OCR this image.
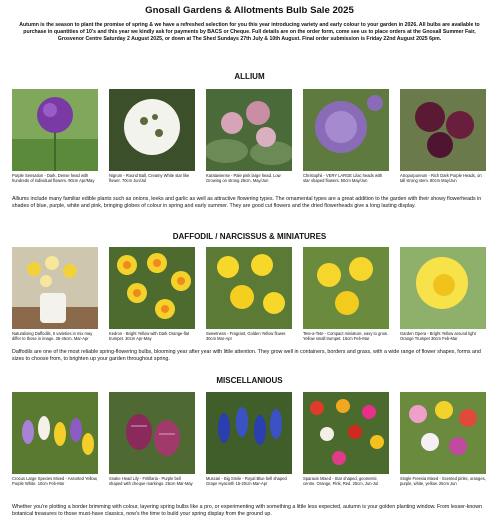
Gnosall Gardens & Allotments Bulb Sale 2025
Autumn is the season to plant the promise of spring & we have a refreshed selection for you this year introducing variety and early colour to your garden in 2026. All bulbs are available to purchase in quantities of 10's and this year we kindly ask for payments by BACS or Cheque. Full details are on the order form, come see us to place orders at the Gnosall Summer Fair, Grosvenor Centre Saturday 2 August 2025, or down at The Shed Sundays 27th July & 10th August. Final order submission is Friday 22nd August 2025 6pm.
ALLIUM
Purple Sensation - Dark, Dense head with hundreds of individual flowers. 90cm Apr/May
Nigrum - Round Ball, Creamy White star like flower. 70cm Jun/Jul
Karataviense - Pale pink large head. Low Growing on strong 25cm. May/Jun
Christophii - VERY LARGE Lilac heads with star shaped flowers. 50cm May/Jun
Atropurpureum - Rich Dark Purple Heads, on tall strong stem. 80cm May/Jun
Alliums include many familiar edible plants such as onions, leeks and garlic as well as attractive flowering types. The ornamental types are a great addition to the garden with their showy flowerheads in shades of blue, purple, white and pink, bringing globes of colour in spring and early summer. They are good cut flowers and the dried flowerheads give a long lasting display.
DAFFODIL / NARCISSUS & MINIATURES
Naturalising Daffodils, 5 varieties in mix may differ to those in image. 35-45cm, Mar-Apr
Kedron - Bright Yellow with Dark Orange-flat trumpet. 30cm Apr-May
Sweetness - Fragrant, Golden Yellow flower. 30cm Mar-Apr
Tete-a-Tete - Compact miniature, easy to grow. Yellow small trumpet. 15cm Feb-Mar
Garden Opera - Bright Yellow around light Orange Trumpet 30cm Feb-Mar
Daffodils are one of the most reliable spring-flowering bulbs, blooming year after year with little attention. They grow well in containers, borders and grass, with a wide range of flower shapes, forms and sizes to choose from, to brighten up your garden throughout spring.
MISCELLANIOUS
Crocus Large Species Mixed - Assorted Yellow, Purple White. 10cm Feb-Mar
Snake Head Lily - Fritillaria - Purple bell shaped with cheque markings. 25cm Mar-May
Muscari - Big Smile - Royal Blue bell shaped Grape Hyacinth 15-20cm Mar-Apr
Sparaxis Mixed - Star shaped, geometric centre. Orange, Pink, Red. 25cm, Jun-Jul
Single Freesia Mixed - Scented pinks, oranges, purple, white, yellow. 25cm Jun
Whether you're plotting a border brimming with colour, layering spring bulbs like a pro, or experimenting with something a little less expected, autumn is your golden planting window. From lesser-known botanical treasures to those must-have classics, now's the time to build your spring display from the ground up.
